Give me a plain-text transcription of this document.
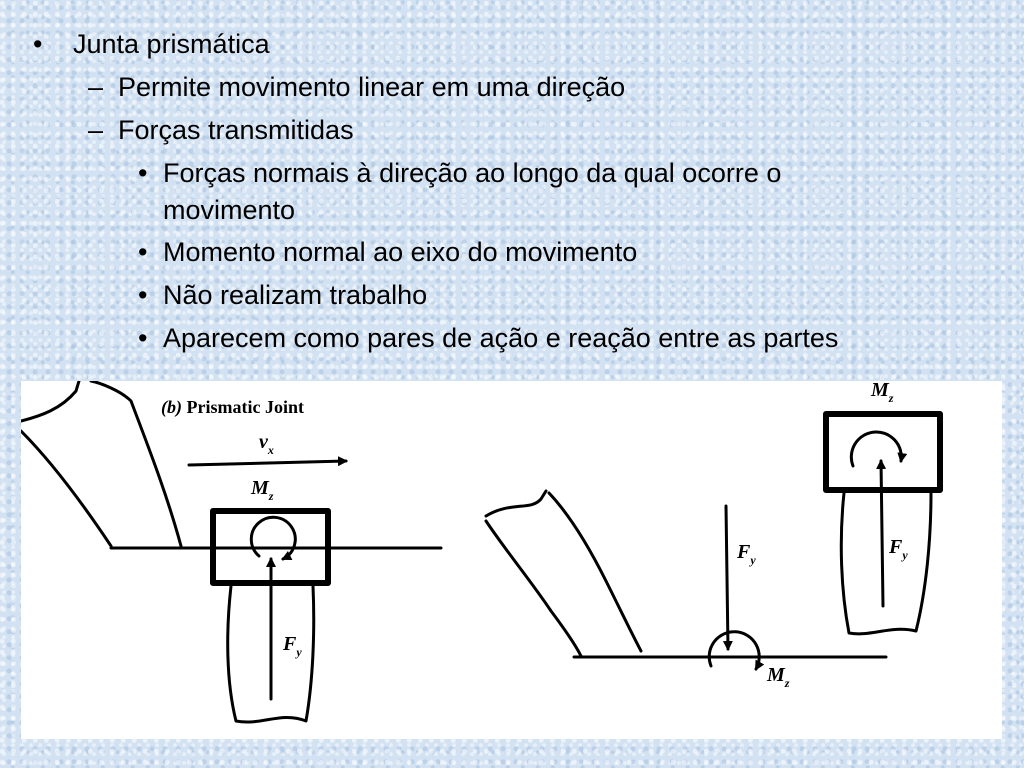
• Junta prismática
– Permite movimento linear em uma direção
– Forças transmitidas
• Forças normais à direção ao longo da qual ocorre o
movimento
• Momento normal ao eixo do movimento
• Não realizam trabalho
• Aparecem como pares de ação e reação entre as partes
(b) Prismatic Joint
$v_x$
$M_z$
$F_y$
$F_y$
$M_z$
$M_z$
$F_y$
